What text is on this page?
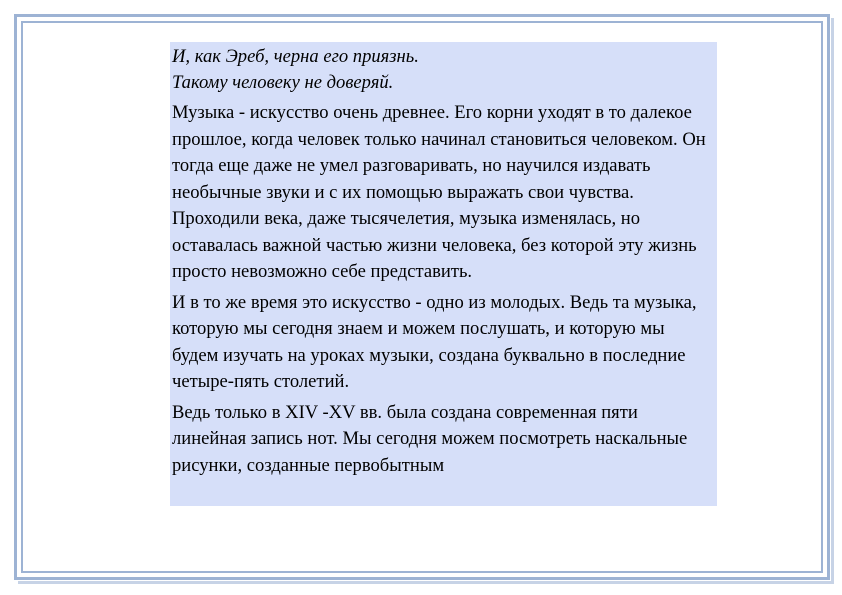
И, как Эреб, черна его приязнь.
Такому человеку не доверяй.
Музыка - искусство очень древнее. Его корни уходят в то далекое прошлое, когда человек только начинал становиться человеком. Он тогда еще даже не умел разговаривать, но научился издавать необычные звуки и с их помощью выражать свои чувства. Проходили века, даже тысячелетия, музыка изменялась, но оставалась важной частью жизни человека, без которой эту жизнь просто невозможно себе представить.
И в то же время это искусство - одно из молодых. Ведь та музыка, которую мы сегодня знаем и можем послушать, и которую мы будем изучать на уроках музыки, создана буквально в последние четыре-пять столетий.
Ведь только в XIV -XV вв. была создана современная пяти линейная запись нот. Мы сегодня можем посмотреть наскальные рисунки, созданные первобытным
